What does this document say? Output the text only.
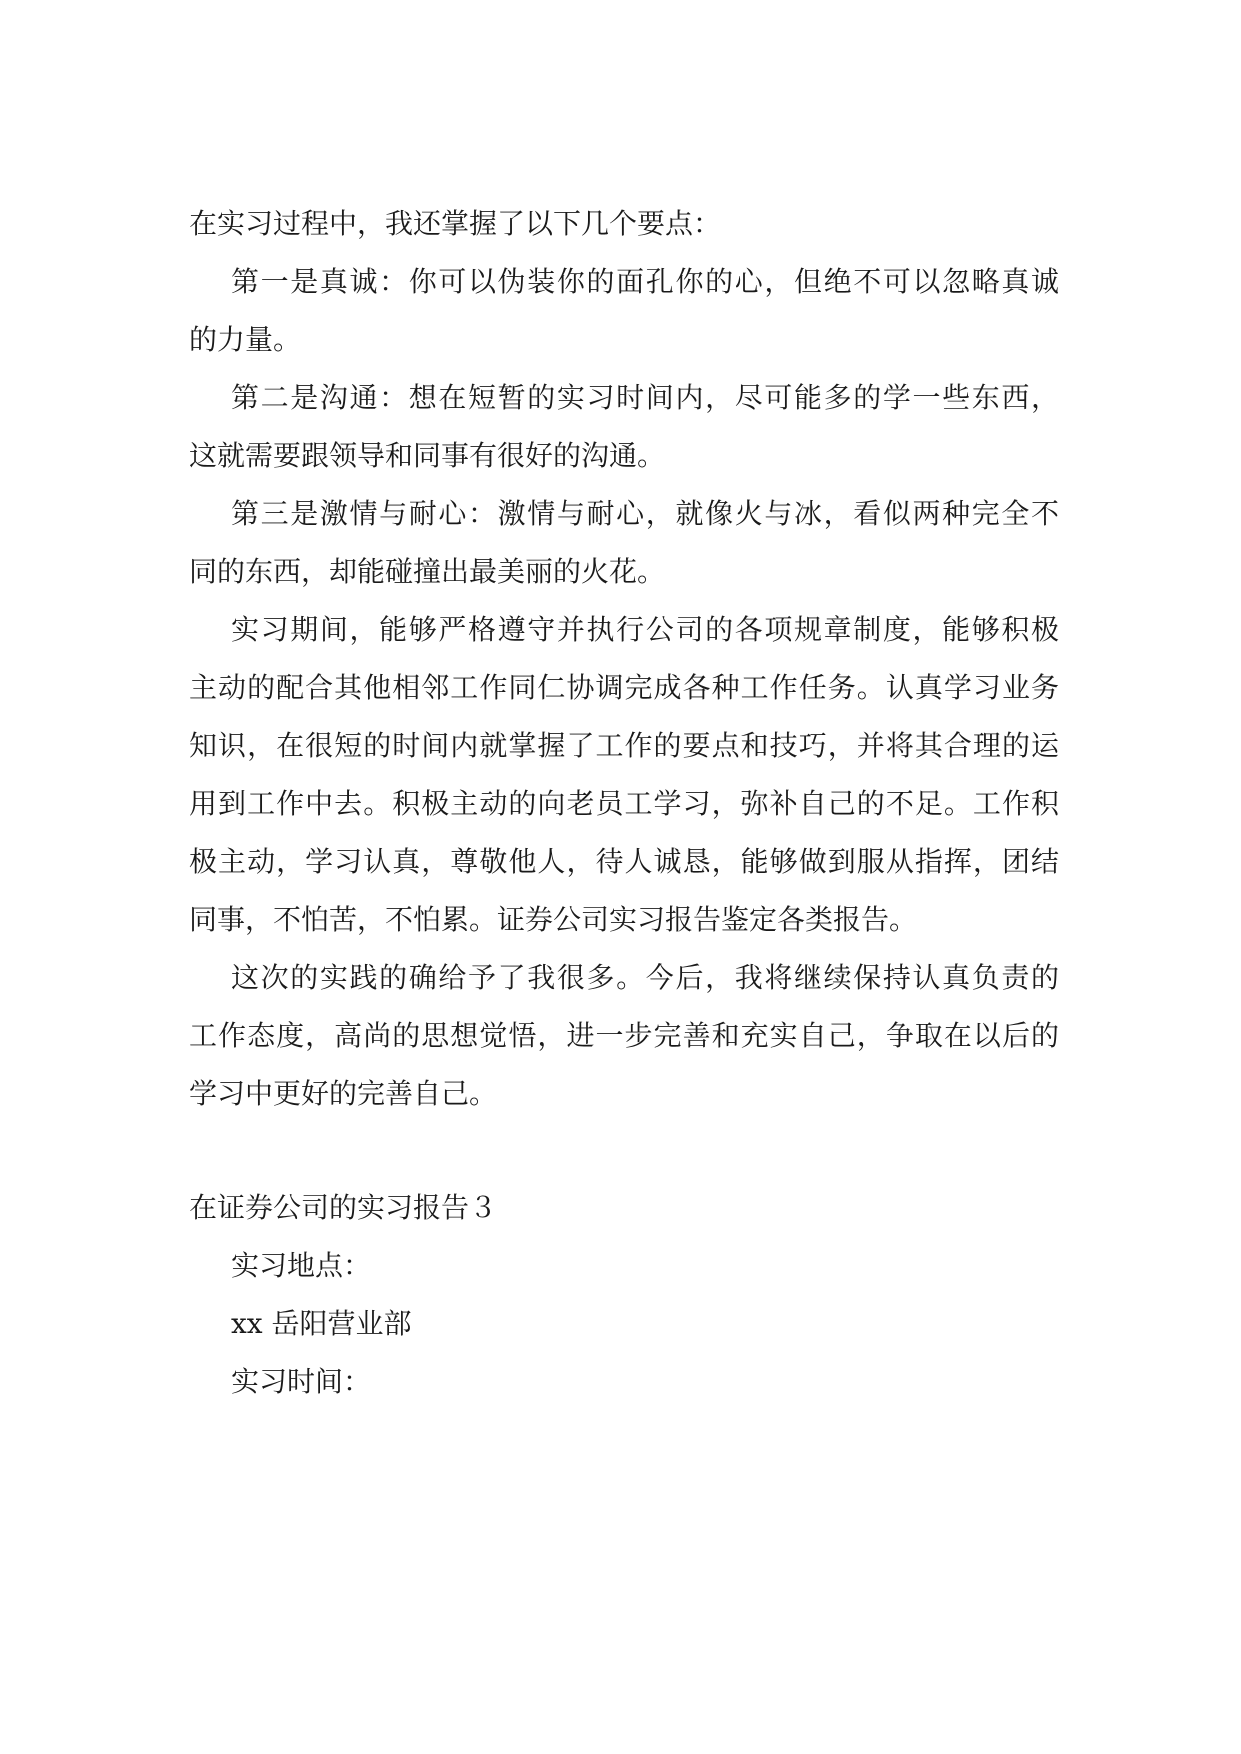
在实习过程中，我还掌握了以下几个要点：
第一是真诚：你可以伪装你的面孔你的心，但绝不可以忽略真诚
的力量。
第二是沟通：想在短暂的实习时间内，尽可能多的学一些东西，
这就需要跟领导和同事有很好的沟通。
第三是激情与耐心：激情与耐心，就像火与冰，看似两种完全不
同的东西，却能碰撞出最美丽的火花。
实习期间，能够严格遵守并执行公司的各项规章制度，能够积极
主动的配合其他相邻工作同仁协调完成各种工作任务。认真学习业务
知识，在很短的时间内就掌握了工作的要点和技巧，并将其合理的运
用到工作中去。积极主动的向老员工学习，弥补自己的不足。工作积
极主动，学习认真，尊敬他人，待人诚恳，能够做到服从指挥，团结
同事，不怕苦，不怕累。证券公司实习报告鉴定各类报告。
这次的实践的确给予了我很多。今后，我将继续保持认真负责的
工作态度，高尚的思想觉悟，进一步完善和充实自己，争取在以后的
学习中更好的完善自己。
在证券公司的实习报告３
实习地点：
xx 岳阳营业部
实习时间：
